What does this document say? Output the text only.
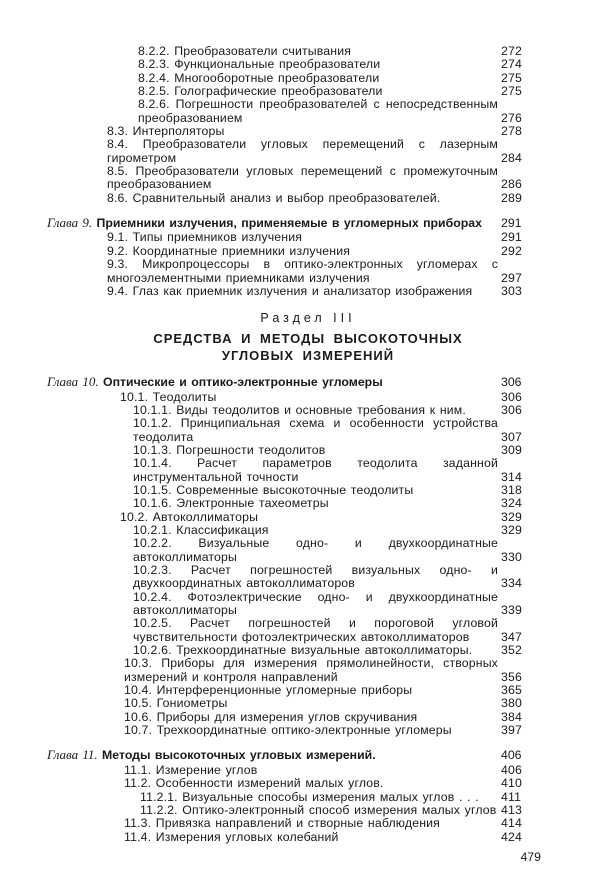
8.2.2. Преобразователи считывания	272
8.2.3. Функциональные преобразователи	274
8.2.4. Многооборотные преобразователи	275
8.2.5. Голографические преобразователи	275
8.2.6. Погрешности преобразователей с непосредственным преобразованием	276
8.3. Интерполяторы	278
8.4. Преобразователи угловых перемещений с лазерным гирометром	284
8.5. Преобразователи угловых перемещений с промежуточным преобразованием	286
8.6. Сравнительный анализ и выбор преобразователей.	289
Глава 9. Приемники излучения, применяемые в угломерных приборах 291
9.1. Типы приемников излучения	291
9.2. Координатные приемники излучения	292
9.3. Микропроцессоры в оптико-электронных угломерах с многоэлементными приемниками излучения	297
9.4. Глаз как приемник излучения и анализатор изображения 303
Раздел III
СРЕДСТВА И МЕТОДЫ ВЫСОКОТОЧНЫХ
УГЛОВЫХ ИЗМЕРЕНИЙ
Глава 10. Оптические и оптико-электронные угломеры	306
10.1. Теодолиты	306
10.1.1. Виды теодолитов и основные требования к ним.	306
10.1.2. Принципиальная схема и особенности устройства теодолита	307
10.1.3. Погрешности теодолитов	309
10.1.4. Расчет параметров теодолита заданной инструментальной точности	314
10.1.5. Современные высокоточные теодолиты	318
10.1.6. Электронные тахеометры	324
10.2. Автоколлиматоры	329
10.2.1. Классификация	329
10.2.2. Визуальные одно- и двухкоординатные автоколлиматоры	330
10.2.3. Расчет погрешностей визуальных одно- и двухкоординатных автоколлиматоров	334
10.2.4. Фотоэлектрические одно- и двухкоординатные автоколлиматоры	339
10.2.5. Расчет погрешностей и пороговой угловой чувствительности фотоэлектрических автоколлиматоров	347
10.2.6. Трехкоординатные визуальные автоколлиматоры. 352
10.3. Приборы для измерения прямолинейности, створных измерений и контроля направлений	356
10.4. Интерференционные угломерные приборы	365
10.5. Гониометры	380
10.6. Приборы для измерения углов скручивания	384
10.7. Трехкоординатные оптико-электронные угломеры	397
Глава 11. Методы высокоточных угловых измерений.	406
11.1. Измерение углов	406
11.2. Особенности измерений малых углов.	410
11.2.1. Визуальные способы измерения малых углов . . . 411
11.2.2. Оптико-электронный способ измерения малых углов 413
11.3. Привязка направлений и створные наблюдения	414
11.4. Измерения угловых колебаний	424
479
